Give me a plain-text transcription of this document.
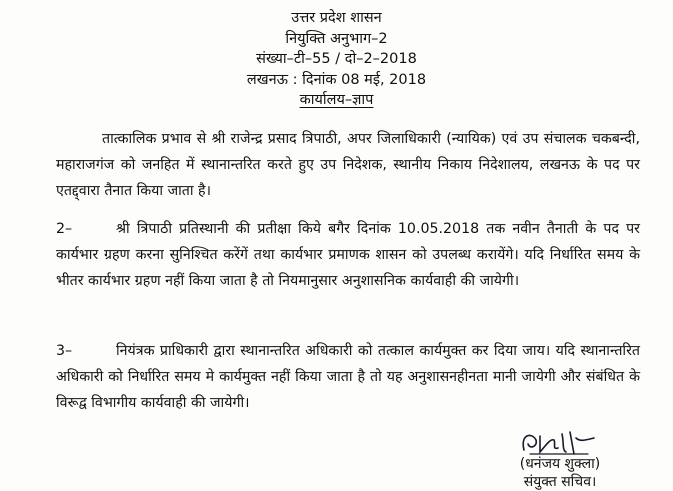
उत्तर प्रदेश शासन
नियुक्ति अनुभाग–2
संख्या–टी–55 / दो–2–2018
लखनऊ : दिनांक 08 मई, 2018
कार्यालय–ज्ञाप

तात्कालिक प्रभाव से श्री राजेन्द्र प्रसाद त्रिपाठी, अपर जिलाधिकारी (न्यायिक) एवं उप संचालक चकबन्दी, महाराजगंज को जनहित में स्थानान्तरित करते हुए उप निदेशक, स्थानीय निकाय निदेशालय, लखनऊ के पद पर एतद्द्वारा तैनात किया जाता है।

2–	श्री त्रिपाठी प्रतिस्थानी की प्रतीक्षा किये बगैर दिनांक 10.05.2018 तक नवीन तैनाती के पद पर कार्यभार ग्रहण करना सुनिश्चित करेंगें तथा कार्यभार प्रमाणक शासन को उपलब्ध करायेंगे। यदि निर्धारित समय के भीतर कार्यभार ग्रहण नहीं किया जाता है तो नियमानुसार अनुशासनिक कार्यवाही की जायेगी।

3–	नियंत्रक प्राधिकारी द्वारा स्थानान्तरित अधिकारी को तत्काल कार्यमुक्त कर दिया जाय। यदि स्थानान्तरित अधिकारी को निर्धारित समय मे कार्यमुक्त नहीं किया जाता है तो यह अनुशासनहीनता मानी जायेगी और संबंधित के विरूद्व विभागीय कार्यवाही की जायेगी।

(धनंजय शुक्ला)
संयुक्त सचिव।
